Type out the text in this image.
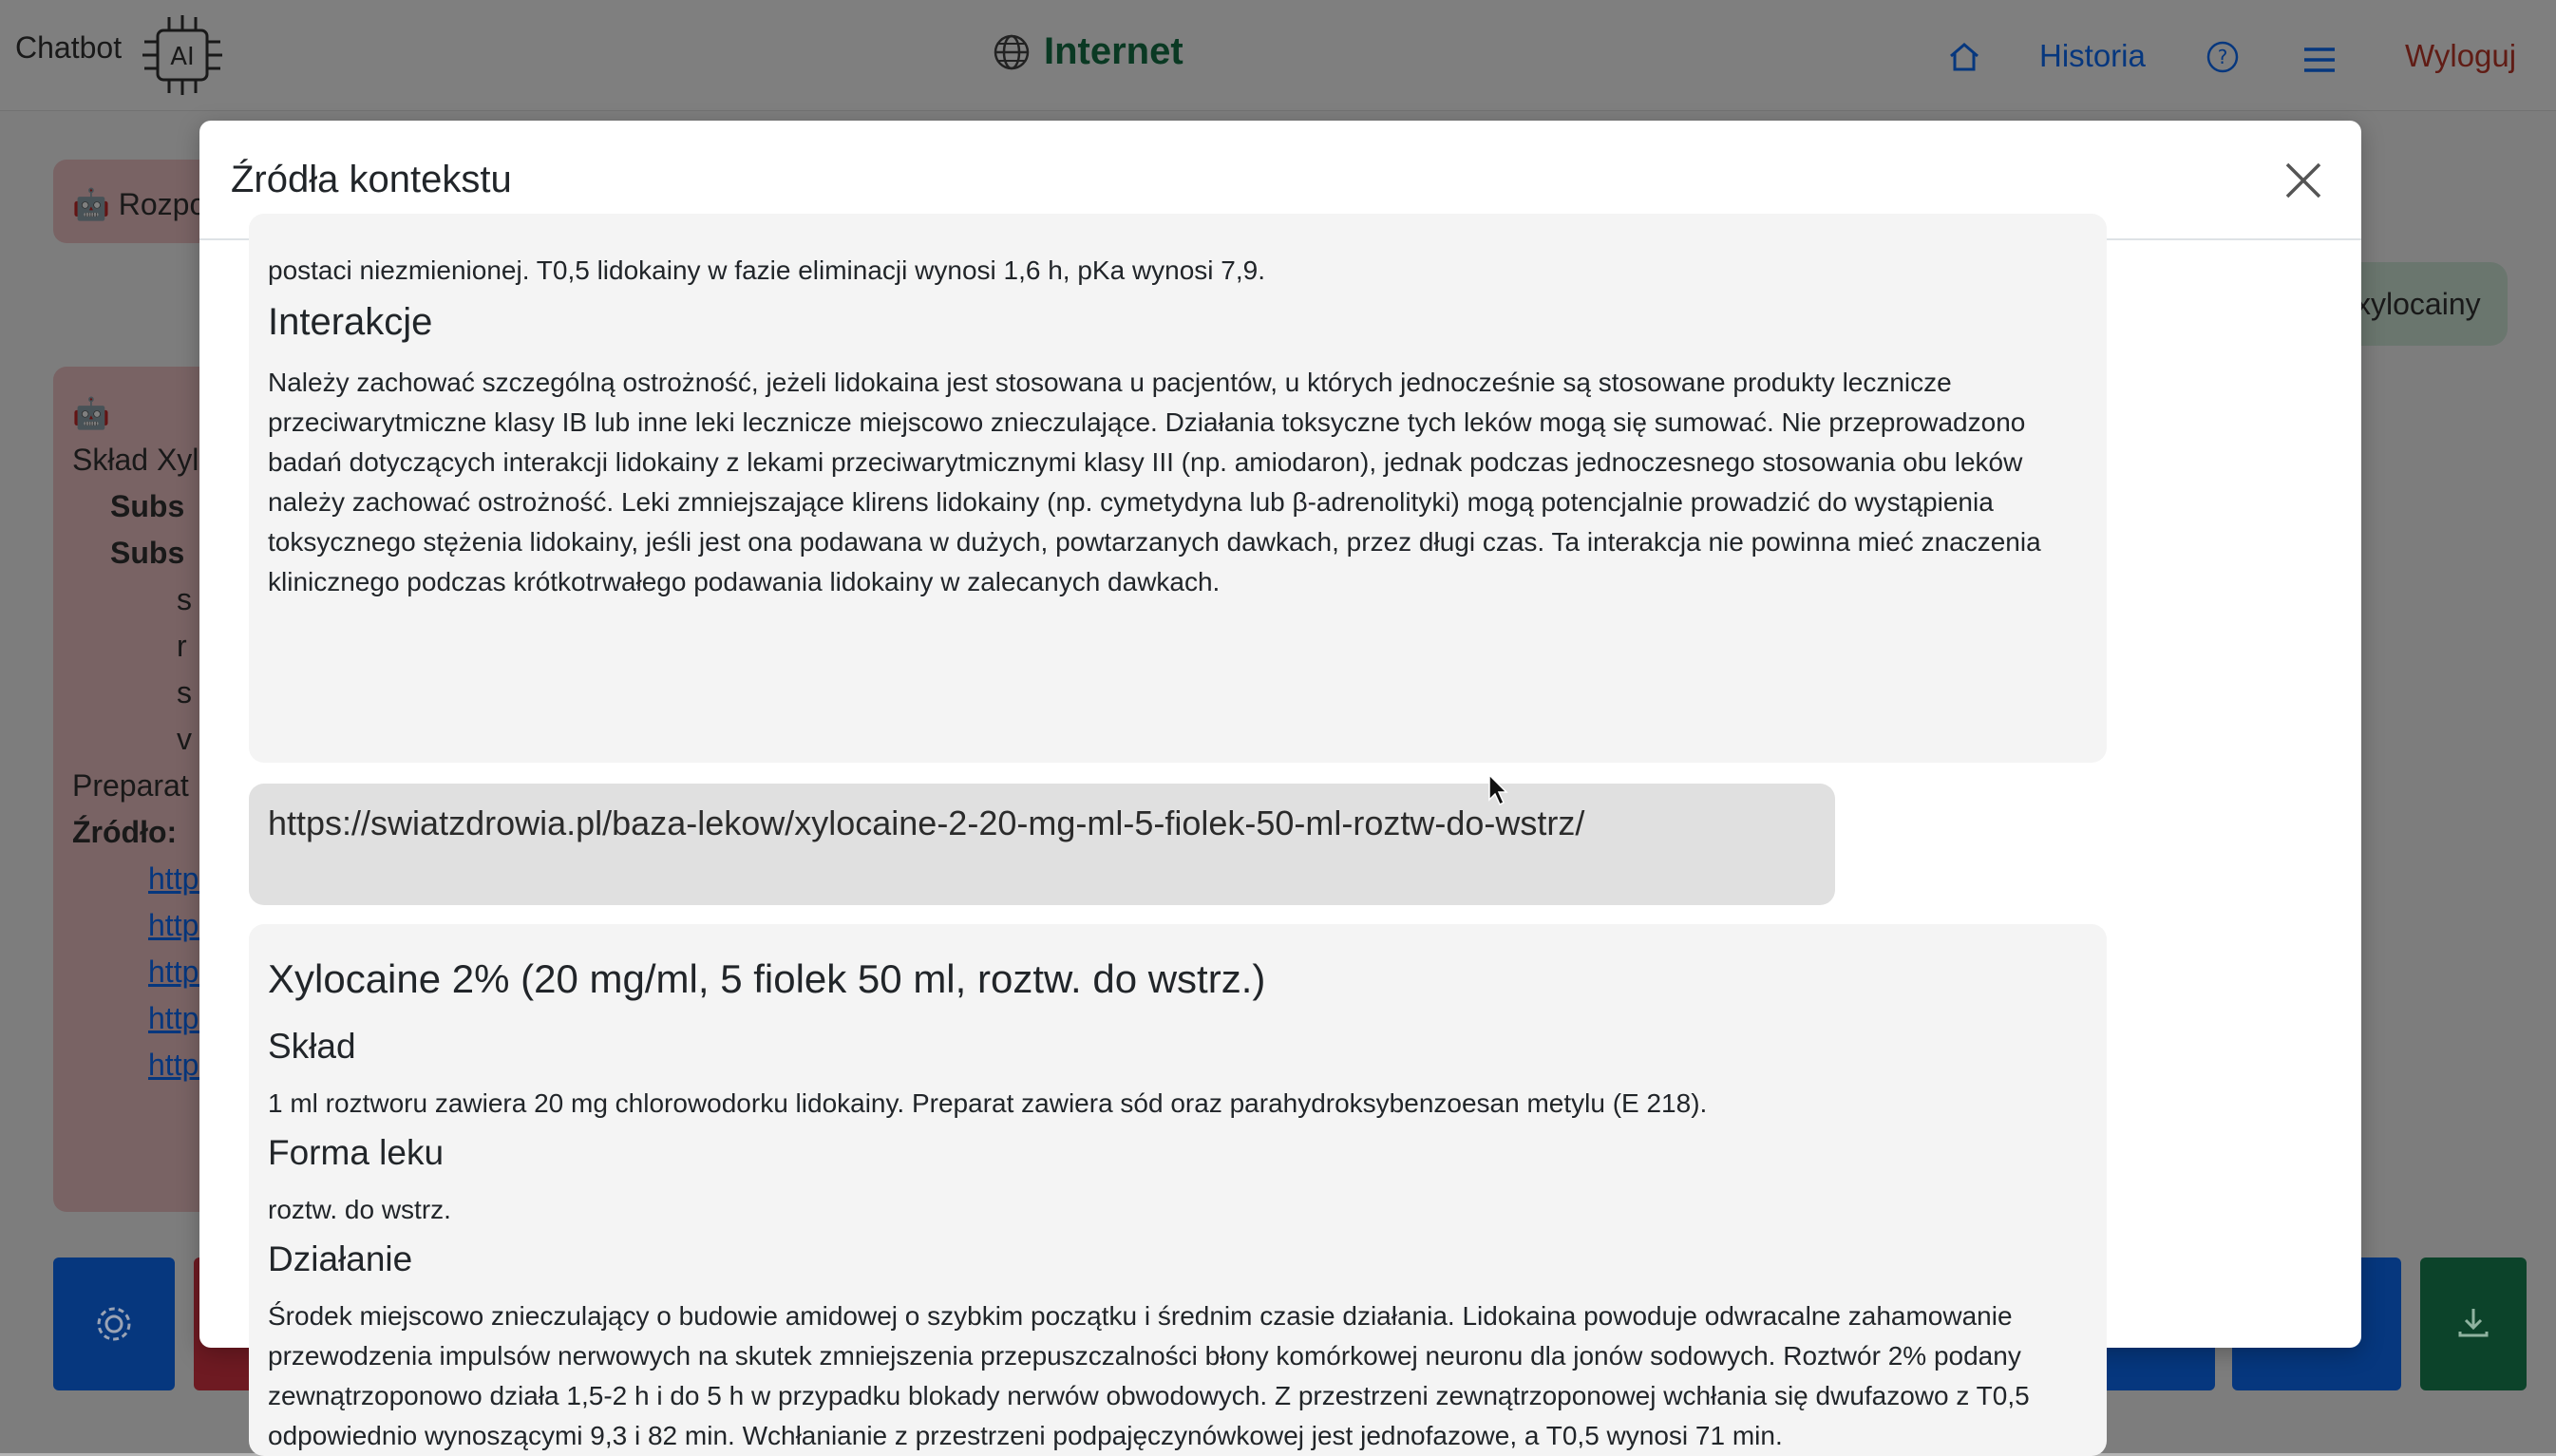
Źródła kontekstu
postaci niezmienionej. T0,5 lidokainy w fazie eliminacji wynosi 1,6 h, pKa wynosi 7,9.
Interakcje

Należy zachować szczególną ostrożność, jeżeli lidokaina jest stosowana u pacjentów, u których jednocześnie są stosowane produkty lecznicze przeciwarytmiczne klasy IB lub inne leki lecznicze miejscowo znieczulające. Działania toksyczne tych leków mogą się sumować. Nie przeprowadzono badań dotyczących interakcji lidokainy z lekami przeciwarytmicznymi klasy III (np. amiodaron), jednak podczas jednoczesnego stosowania obu leków należy zachować ostrożność. Leki zmniejszające klirens lidokainy (np. cymetydyna lub β-adrenolityki) mogą potencjalnie prowadzić do wystąpienia toksycznego stężenia lidokainy, jeśli jest ona podawana w dużych, powtarzanych dawkach, przez długi czas. Ta interakcja nie powinna mieć znaczenia klinicznego podczas krótkotrwałego podawania lidokainy w zalecanych dawkach.

https://swiatzdrowia.pl/baza-lekow/xylocaine-2-20-mg-ml-5-fiolek-50-ml-roztw-do-wstrz/
Xylocaine 2% (20 mg/ml, 5 fiolek 50 ml, roztw. do wstrz.)
Skład

1 ml roztworu zawiera 20 mg chlorowodorku lidokainy. Preparat zawiera sód oraz parahydroksybenzoesan metylu (E 218).

Forma leku

roztw. do wstrz.

Działanie

Środek miejscowo znieczulający o budowie amidowej o szybkim początku i średnim czasie działania. Lidokaina powoduje odwracalne zahamowanie przewodzenia impulsów nerwowych na skutek zmniejszenia przepuszczalności błony komórkowej neuronu dla jonów sodowych. Roztwór 2% podany zewnątrzoponowo działa 1,5-2 h i do 5 h w przypadku blokady nerwów obwodowych. Z przestrzeni zewnątrzoponowej wchłania się dwufazowo z T0,5 odpowiednio wynoszącymi 9,3 i 82 min. Wchłanianie z przestrzeni podpajęczynówkowej jest jednofazowe, a T0,5 wynosi 71 min.
